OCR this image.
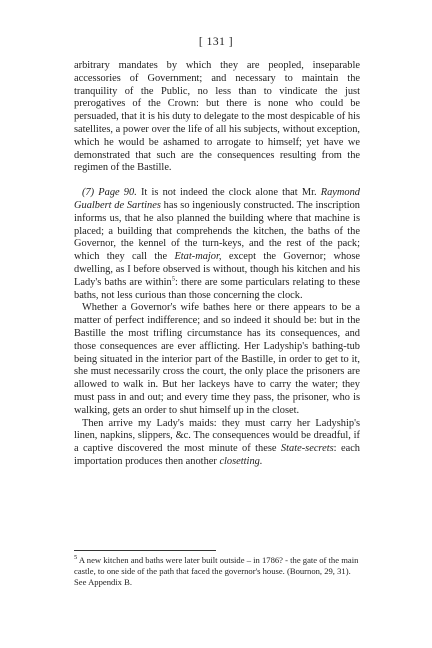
[ 131 ]

arbitrary mandates by which they are peopled, inseparable accessories of Government; and necessary to maintain the tranquility of the Public, no less than to vindicate the just prerogatives of the Crown: but there is none who could be persuaded, that it is his duty to delegate to the most despicable of his satellites, a power over the life of all his subjects, without exception, which he would be ashamed to arrogate to himself; yet have we demonstrated that such are the consequences resulting from the regimen of the Bastille.

(7) Page 90. It is not indeed the clock alone that Mr. Raymond Gualbert de Sartines has so ingeniously constructed. The inscription informs us, that he also planned the building where that machine is placed; a building that comprehends the kitchen, the baths of the Governor, the kennel of the turn-keys, and the rest of the pack; which they call the Etat-major, except the Governor; whose dwelling, as I before observed is without, though his kitchen and his Lady's baths are within$^5$: there are some particulars relating to these baths, not less curious than those concerning the clock.

Whether a Governor's wife bathes here or there appears to be a matter of perfect indifference; and so indeed it should be: but in the Bastille the most trifling circumstance has its consequences, and those consequences are ever afflicting. Her Ladyship's bathing-tub being situated in the interior part of the Bastille, in order to get to it, she must necessarily cross the court, the only place the prisoners are allowed to walk in. But her lackeys have to carry the water; they must pass in and out; and every time they pass, the prisoner, who is walking, gets an order to shut himself up in the closet.

Then arrive my Lady's maids: they must carry her Ladyship's linen, napkins, slippers, &c. The consequences would be dreadful, if a captive discovered the most minute of these State-secrets: each importation produces then another closetting.

$^5$ A new kitchen and baths were later built outside – in 1786? - the gate of the main castle, to one side of the path that faced the governor's house. (Bournon, 29, 31). See Appendix B.
